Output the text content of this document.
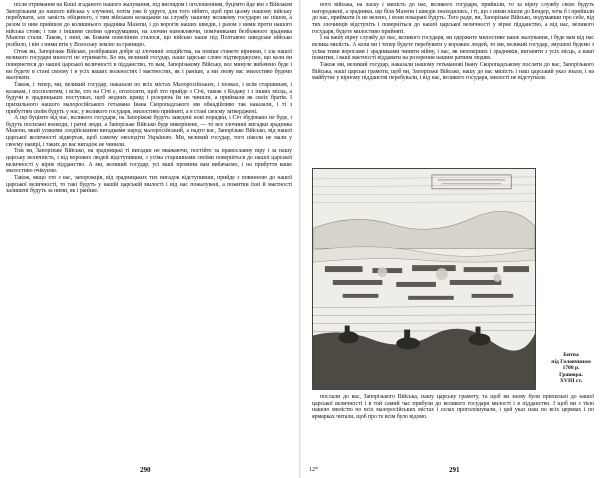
після отримання на Коші згаданого нашого жалування, під виглядом і оголошенням, буцімто йде він з Військом Запорізьким до нашого війська у злученні, потім уже й удруге, для того нібито, щоб при цьому нашому війську перебувати, але замість обіцяного, з тим військом козацьким на службу нашому великому государю не пішов, а разом із ним прийшов до колишнього зрадника Мазепи, і до ворогів наших шведів, і разом з ними проти нашого війська стояв; і там з іншими своїми однодумцями, на злочин намовляючи, помічниками безбожного зрадника Мазепи стали. Також, і нині, як Божим повеліннм сталося, що військо наше під Полтавою шведське військо розбило, і він з ними втік у Волоську землю за границю.

Отож ви, Запорізьке Військо, розібравши добре ці злочинні злодійства, на повіки станете вірними, і зла нашої великого государя милості не отримаєте. Бо ми, великий государ, наше царське слово підтверджуємо, що коли ви повернетеся до нашої царської величності в підданство, то вам, Запорізькому Війську, все минуле вибачено буде і ви будете в стані своєму і в усіх ваших вольностях і маєтностях, як і раніше, а ми знову вас милостиво будемо жалувати.

Також, і тепер, ми, великий государ, наказали по всіх містах Малоросійських, і полках, і всім старшинам, і козакам, і посполитим, і всім, хто на Січі є, оголосити, щоб хто прийде з Січі, також з Кодаку і з інших місць, а будучи в зрадницьких поступках, щоб жодних кривд і розорень їм не чинили, а приймали як своїх братів. І прихильного нашого малоросійського гетьмана Івана Скоропадського ми обнадійливо так наказали, і ті з прибуттям своїм будуть у нас, у великого государя, милостиво прийняті, а в стані своєму затверджені.

А що буцімто від нас, великого государя, на Запоріжжі будуть заведені нові порядки, і Січ збудовано не буде, і будуть посилані воєводи, і ратні люди, а Запорізьке Військо буде викорінене, — то все злочинні вигадки зрадника Мазепи, який усякими злодійськими вигадками народ малоросійський, а надто вас, Запорізьке Військо, від нашої царської величності відвертав, щоб самому оволодіти Україною. Ми, великий государ, того ніколи не мали у своєму намірі, і таких до вас вигадок не чинили.

Тож ви, Запорізьке Військо, на зрадницькі ті вигадки не вважаючи, постійте за православну віру і за нашу царську величність, і від ворожих людей відступивши, з усіма старшинами своїми поверніться до нашої царської величності у вірне підданство. А ми, великий государ, усі ваші провини вам вибачаємо, і на прибуття ваше милостиво очікуємо.

Також, якщо хто з вас, запорожців, від зрадницьких тих вигадок відступивши, прийде з повинною до нашої царської величності, то такі будуть у нашій царській милості і від нас пожалувані, а пожитки їхні й маєтності залишені будуть за ними, як і раніше.

290

ного війська, на ласку і милість до нас, великого государя, прийшли, то за вірну службу свою будуть нагороджені, а зрадники, що біля Мазепи і шведів знаходились, і ті, що з ними пішли до Бендер, хоча б і прийшли до нас, приймати їх не велено, і вони покарані будуть. Того ради, ви, Запорізьке Військо, подумавши про себе, від тих злочинців відступіть і поверніться до нашої царської величності у вірне підданство, а від нас, великого государя, будете милостиво прийняті.

І на вашу вірну службу до нас, великого государя, ви одержите милостиве наше жалування, і буде вам від нас велика милість. А коли ви і тепер будете перебувати у ворожих людей, то ми, великий государ, змушені будемо з усіма тими ворогами і зрадниками чинити війну, і вас, як непокірних і зрадників, виганяти з усіх місць, а ваші пожитки, і ваші маєтності віддавати на розорення нашим ратним людям.

Також ми, великий государ, наказали нашому гетьманові Івану Скоропадському послати до вас, Запорізького Війська, наші царські грамоти, щоб ви, Запорізьке Військо, нашу до вас милість і наш царський указ знали, і на майбутнє у вірному підданстві перебували, і від нас, великого государя, милості не відступали.

Битва
під Головчином
1708 р.
Гравюра.
XVIII ст.

послали до вас, Запорізького Війська, нашу царську грамоту, та щоб ви знову були прихильні до нашої царської величності і в той самий час прибули до великого государя милості і в підданство. І щоб ви з тією нашою милістю по всіх малоросійських містах і селах проголошували, і цей указ наш по всіх церквах і по ярмарках читали, щоб про те всім було відомо.

12*	291
